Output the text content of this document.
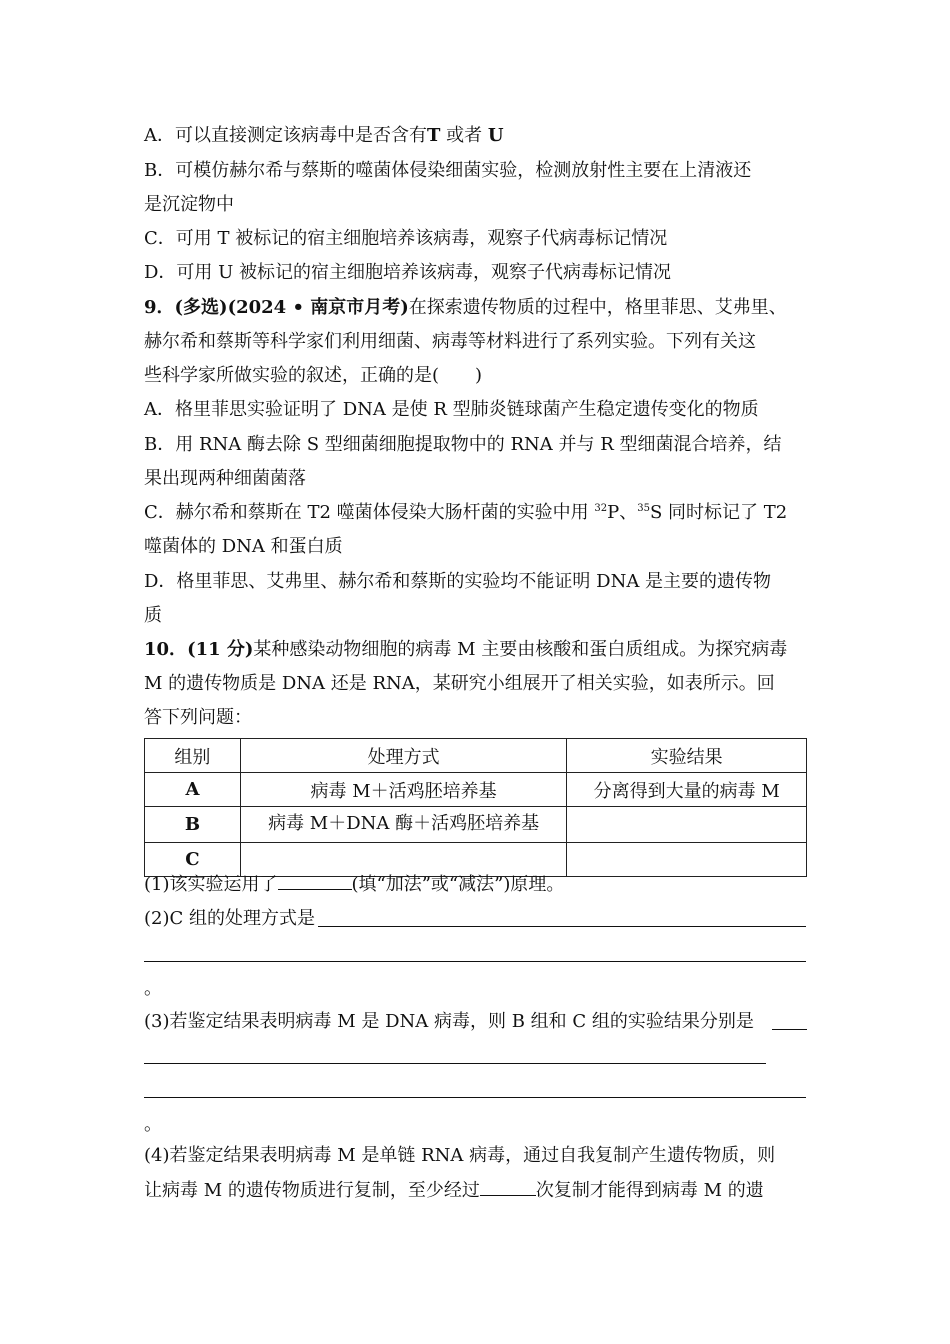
A．可以直接测定该病毒中是否含有T 或者 U
B．可模仿赫尔希与蔡斯的噬菌体侵染细菌实验，检测放射性主要在上清液还
是沉淀物中
C．可用 T 被标记的宿主细胞培养该病毒，观察子代病毒标记情况
D．可用 U 被标记的宿主细胞培养该病毒，观察子代病毒标记情况
9．(多选)(2024 • 南京市月考)在探索遗传物质的过程中，格里菲思、艾弗里、
赫尔希和蔡斯等科学家们利用细菌、病毒等材料进行了系列实验。下列有关这
些科学家所做实验的叙述，正确的是(　　)
A．格里菲思实验证明了 DNA 是使 R 型肺炎链球菌产生稳定遗传变化的物质
B．用 RNA 酶去除 S 型细菌细胞提取物中的 RNA 并与 R 型细菌混合培养，结
果出现两种细菌菌落
C．赫尔希和蔡斯在 T2 噬菌体侵染大肠杆菌的实验中用 $^{32}$P、$^{35}$S 同时标记了 T2
噬菌体的 DNA 和蛋白质
D．格里菲思、艾弗里、赫尔希和蔡斯的实验均不能证明 DNA 是主要的遗传物
质
10．(11 分)某种感染动物细胞的病毒 M 主要由核酸和蛋白质组成。为探究病毒
M 的遗传物质是 DNA 还是 RNA，某研究小组展开了相关实验，如表所示。回
答下列问题：
组别	处理方式	实验结果
A	病毒 M＋活鸡胚培养基	分离得到大量的病毒 M
B	病毒 M＋DNA 酶＋活鸡胚培养基	
C		
(1)该实验运用了	(填“加法”或“减法”)原理。
(2)C 组的处理方式是
。
(3)若鉴定结果表明病毒 M 是 DNA 病毒，则 B 组和 C 组的实验结果分别是
。
(4)若鉴定结果表明病毒 M 是单链 RNA 病毒，通过自我复制产生遗传物质，则
让病毒 M 的遗传物质进行复制，至少经过	次复制才能得到病毒 M 的遗
